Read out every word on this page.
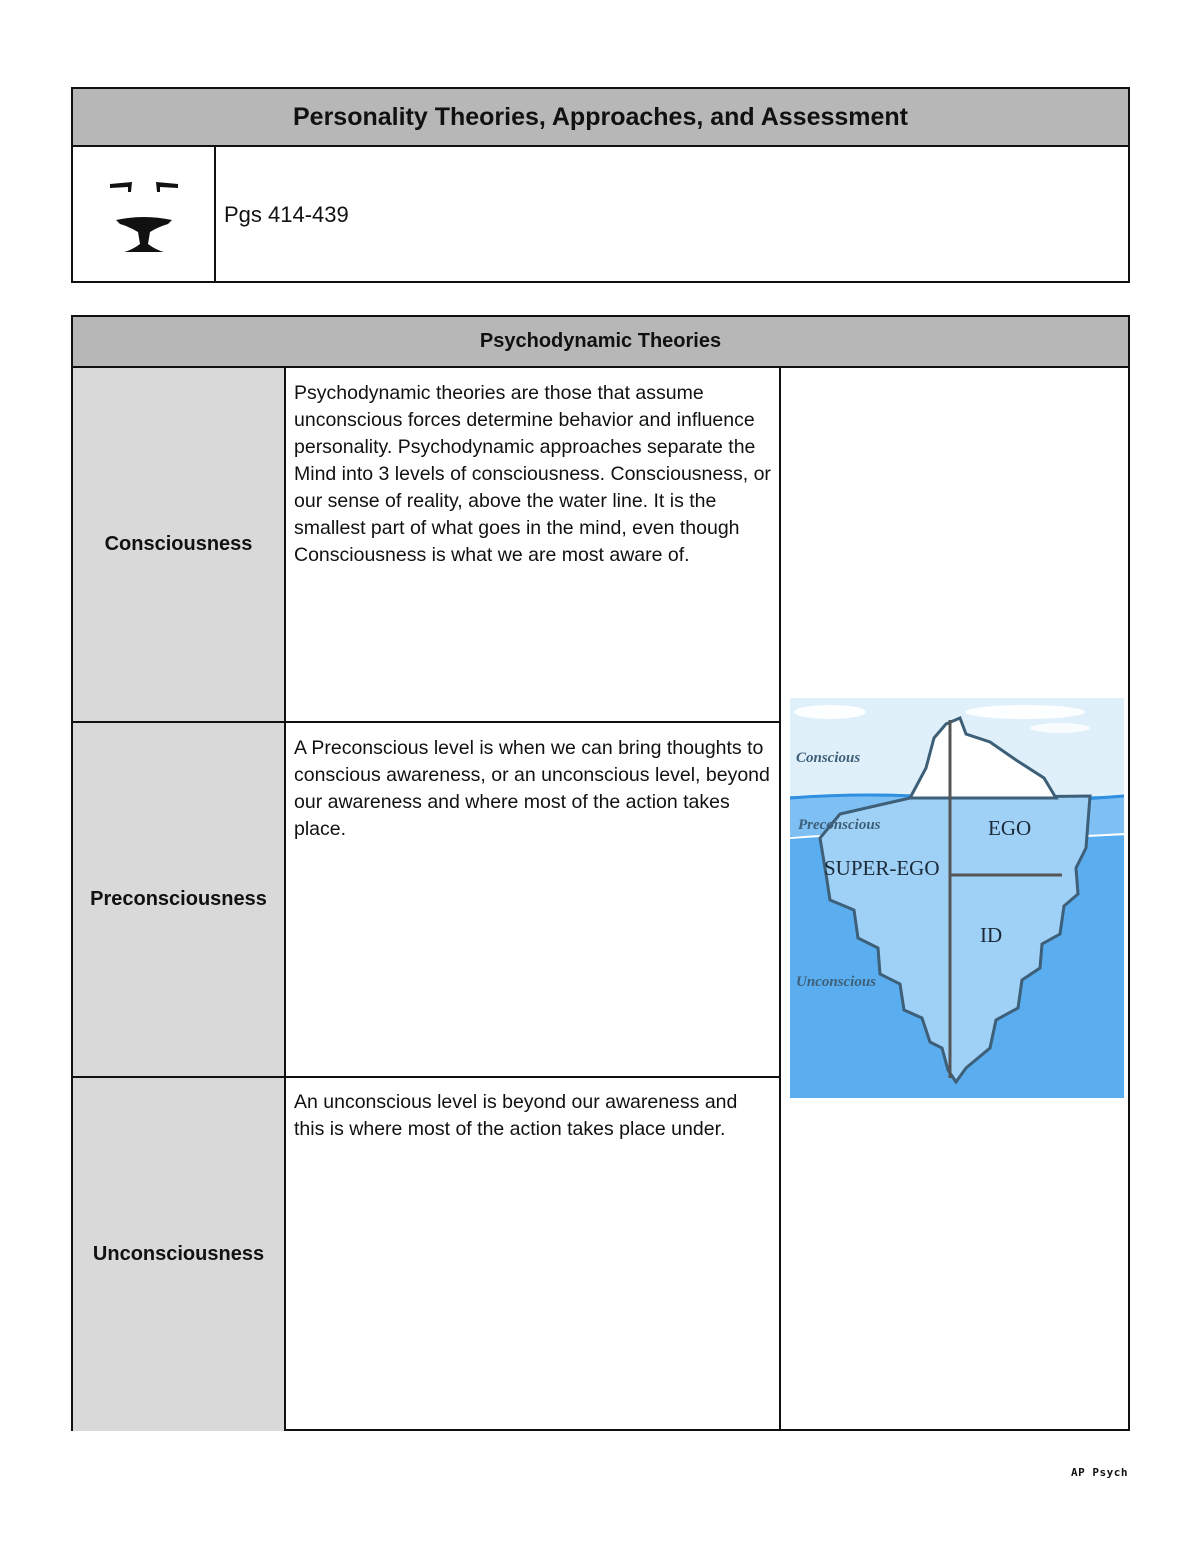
Personality Theories, Approaches, and Assessment
Pgs 414-439
Psychodynamic Theories
Consciousness
Preconsciousness
Unconsciousness
Psychodynamic theories are those that assume unconscious forces determine behavior and influence personality. Psychodynamic approaches separate the Mind into 3 levels of consciousness. Consciousness, or our sense of reality, above the water line. It is the smallest part of what goes in the mind, even though Consciousness is what we are most aware of.
A Preconscious level is when we can bring thoughts to conscious awareness, or an unconscious level, beyond our awareness and where most of the action takes place.
An unconscious level is beyond our awareness and this is where most of the action takes place under.
Conscious
Preconscious
Unconscious
EGO
SUPER-EGO
ID
AP Psych
